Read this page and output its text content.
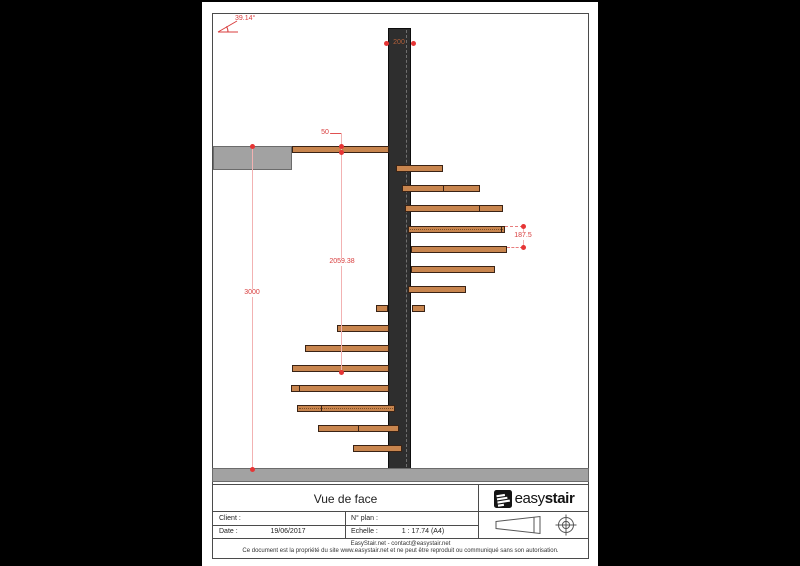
3000
2059.38
50
200
187.5
39.14°
Vue de face	easystair
Client :	N° plan :
Date :	19/06/2017	Echelle :	1 : 17.74 (A4)
EasyStair.net - contact@easystair.net
Ce document est la propriété du site www.easystair.net et ne peut être reproduit ou communiqué sans son autorisation.
